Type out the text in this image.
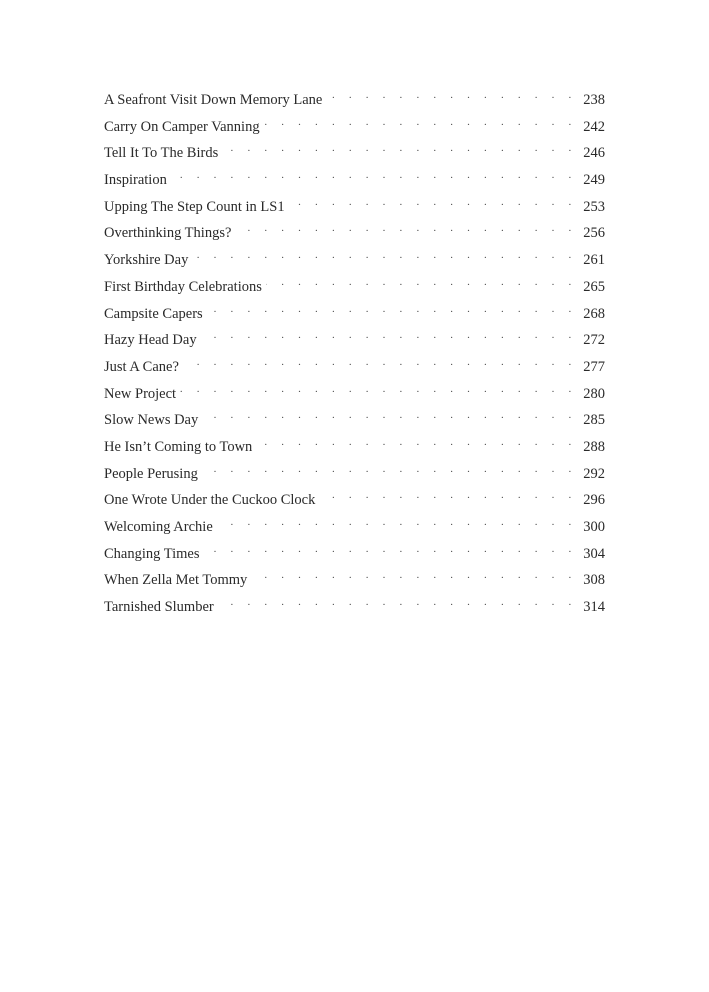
A Seafront Visit Down Memory Lane . . .	238
Carry On Camper Vanning . . .	242
Tell It To The Birds . . .	246
Inspiration . . .	249
Upping The Step Count in LS1 . . .	253
Overthinking Things? . . .	256
Yorkshire Day . . .	261
First Birthday Celebrations . . .	265
Campsite Capers . . .	268
Hazy Head Day . . .	272
Just A Cane? . . .	277
New Project . . .	280
Slow News Day . . .	285
He Isn’t Coming to Town . . .	288
People Perusing . . .	292
One Wrote Under the Cuckoo Clock . . .	296
Welcoming Archie . . .	300
Changing Times . . .	304
When Zella Met Tommy . . .	308
Tarnished Slumber . . .	314
